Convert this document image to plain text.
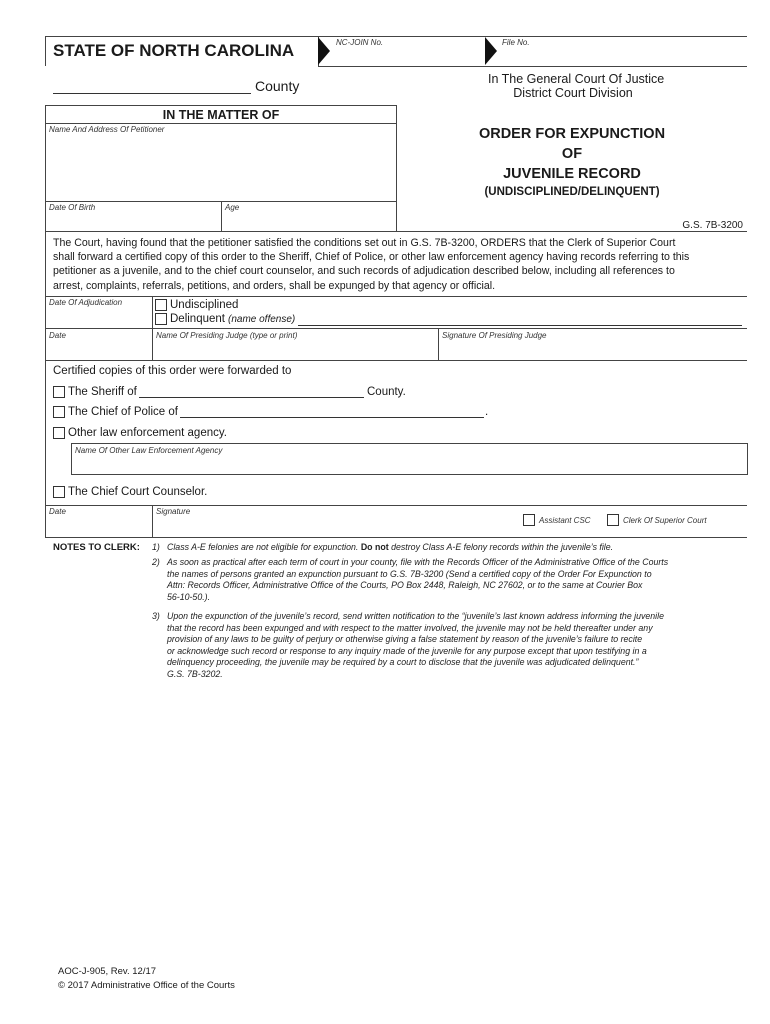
STATE OF NORTH CAROLINA	NC-JOIN No.	File No.
County	In The General Court Of Justice
District Court Division
IN THE MATTER OF
Name And Address Of Petitioner
Date Of Birth	Age
ORDER FOR EXPUNCTION
OF
JUVENILE RECORD
(UNDISCIPLINED/DELINQUENT)
G.S. 7B-3200
The Court, having found that the petitioner satisfied the conditions set out in G.S. 7B-3200, ORDERS that the Clerk of Superior Court
shall forward a certified copy of this order to the Sheriff, Chief of Police, or other law enforcement agency having records referring to this
petitioner as a juvenile, and to the chief court counselor, and such records of adjudication described below, including all references to
arrest, complaints, referrals, petitions, and orders, shall be expunged by that agency or official.
Date Of Adjudication	Undisciplined
Delinquent (name offense)
Date	Name Of Presiding Judge (type or print)	Signature Of Presiding Judge
Certified copies of this order were forwarded to
The Sheriff of	County.
The Chief of Police of	.
Other law enforcement agency.
Name Of Other Law Enforcement Agency
The Chief Court Counselor.
Date	Signature
Assistant CSC	Clerk Of Superior Court
NOTES TO CLERK: 1) Class A-E felonies are not eligible for expunction. Do not destroy Class A-E felony records within the juvenile’s file.
2) As soon as practical after each term of court in your county, file with the Records Officer of the Administrative Office of the Courts
the names of persons granted an expunction pursuant to G.S. 7B-3200 (Send a certified copy of the Order For Expunction to
Attn: Records Officer, Administrative Office of the Courts, PO Box 2448, Raleigh, NC 27602, or to the same at Courier Box
56-10-50.).
3) Upon the expunction of the juvenile’s record, send written notification to the “juvenile’s last known address informing the juvenile
that the record has been expunged and with respect to the matter involved, the juvenile may not be held thereafter under any
provision of any laws to be guilty of perjury or otherwise giving a false statement by reason of the juvenile’s failure to recite
or acknowledge such record or response to any inquiry made of the juvenile for any purpose except that upon testifying in a
delinquency proceeding, the juvenile may be required by a court to disclose that the juvenile was adjudicated delinquent.”
G.S. 7B-3202.
AOC-J-905, Rev. 12/17
© 2017 Administrative Office of the Courts
